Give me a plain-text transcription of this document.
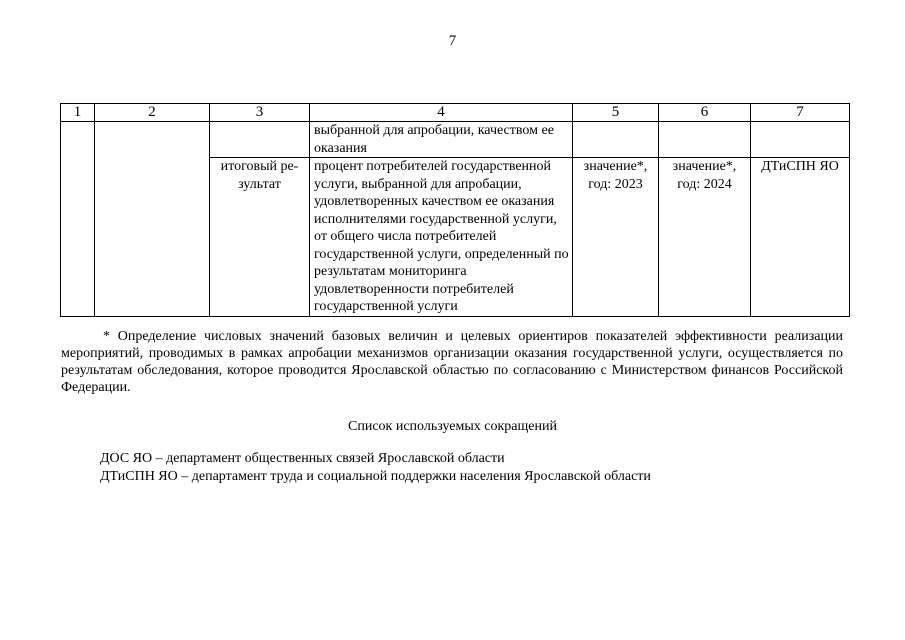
7
1	2	3	4	5	6	7
			выбранной для апробации, качеством ее оказания			
		итоговый ре-зультат	процент потребителей государственной услуги, выбранной для апробации, удовлетворенных качеством ее оказания исполнителями государственной услуги, от общего числа потребителей государственной услуги, определенный по результатам мониторинга удовлетворенности потребителей государственной услуги	значение*, год: 2023	значение*, год: 2024	ДТиСПН ЯО
* Определение числовых значений базовых величин и целевых ориентиров показателей эффективности реализации мероприятий, проводимых в рамках апробации механизмов организации оказания государственной услуги, осуществляется по результатам обследования, которое проводится Ярославской областью по согласованию с Министерством финансов Российской Федерации.
Список используемых сокращений
ДОС ЯО – департамент общественных связей Ярославской области
ДТиСПН ЯО – департамент труда и социальной поддержки населения Ярославской области
